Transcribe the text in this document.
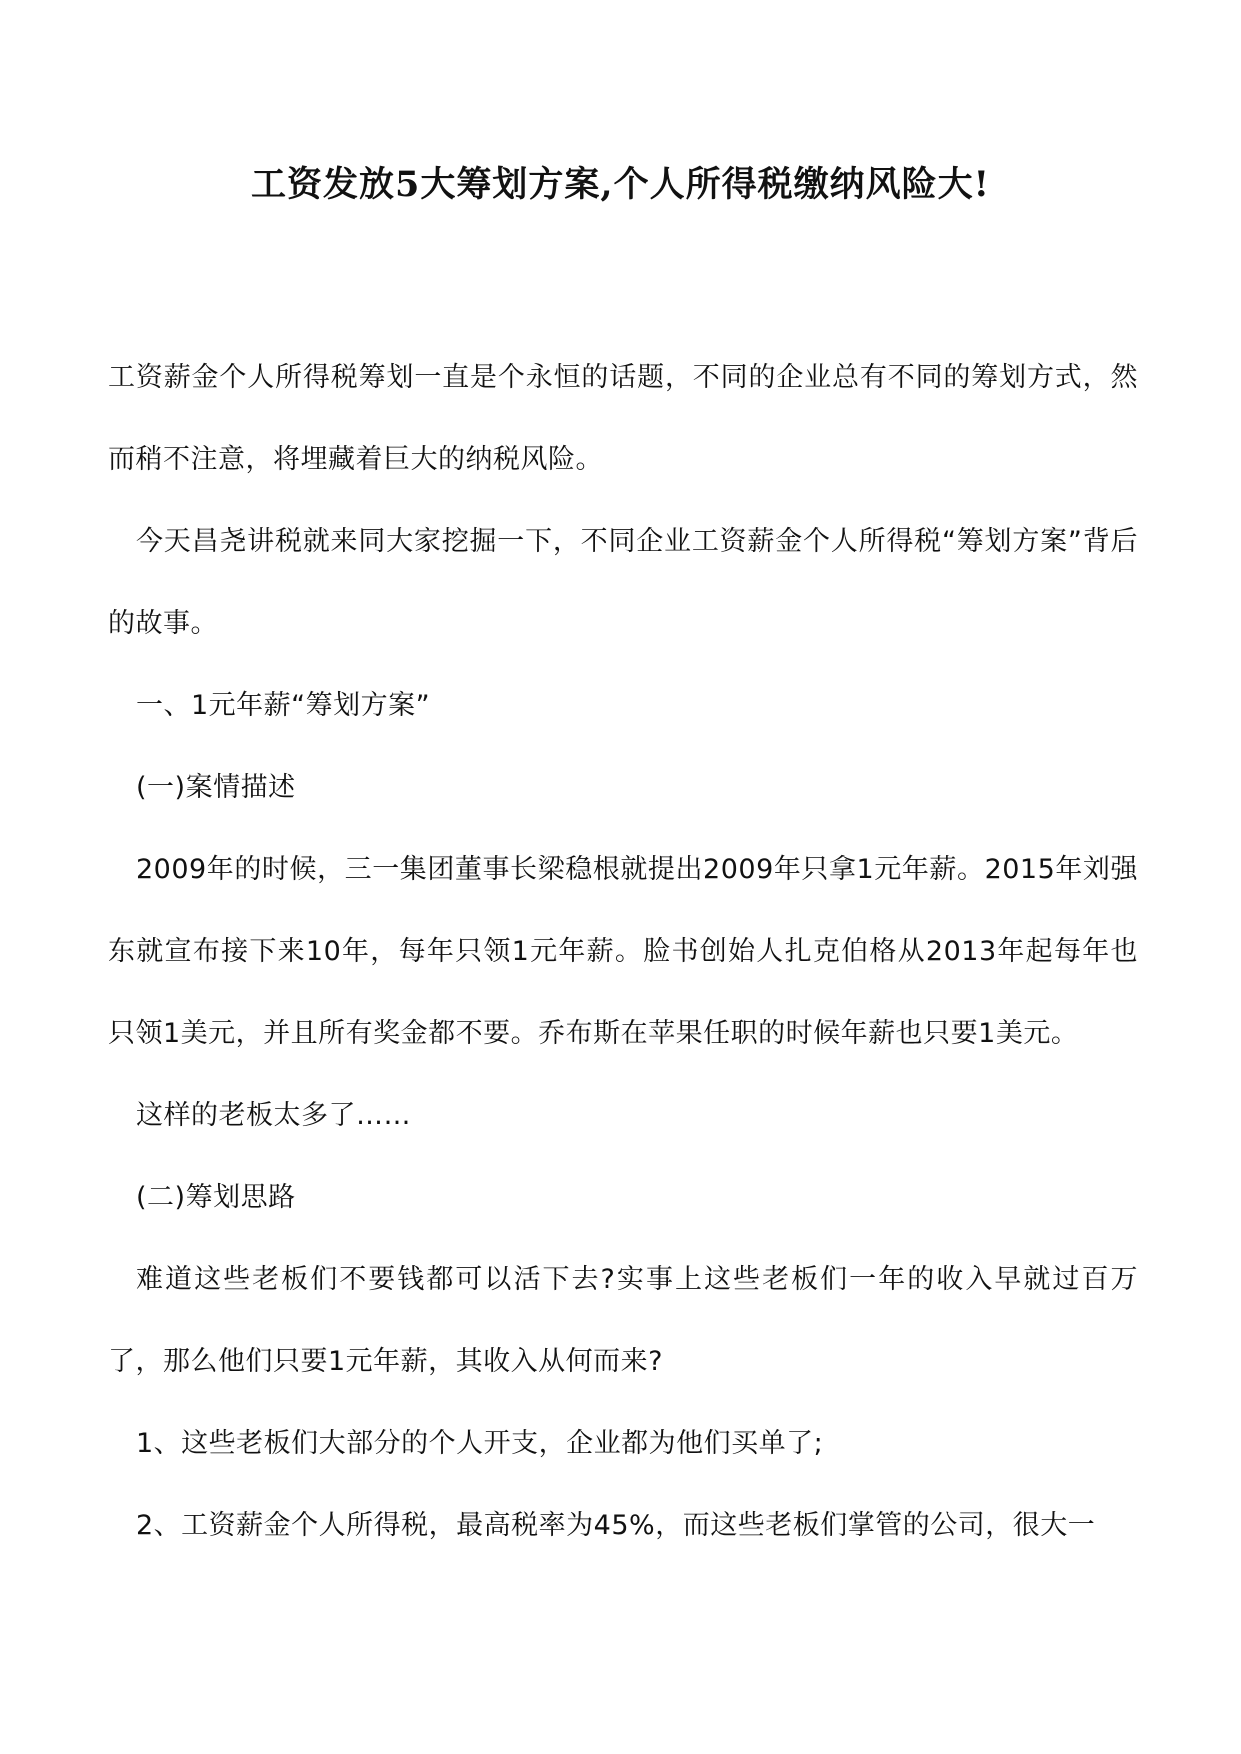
工资发放5大筹划方案,个人所得税缴纳风险大!

工资薪金个人所得税筹划一直是个永恒的话题，不同的企业总有不同的筹划方式，然而稍不注意，将埋藏着巨大的纳税风险。

今天昌尧讲税就来同大家挖掘一下，不同企业工资薪金个人所得税“筹划方案”背后的故事。

一、1元年薪“筹划方案”

(一)案情描述

2009年的时候，三一集团董事长梁稳根就提出2009年只拿1元年薪。2015年刘强东就宣布接下来10年，每年只领1元年薪。脸书创始人扎克伯格从2013年起每年也只领1美元，并且所有奖金都不要。乔布斯在苹果任职的时候年薪也只要1美元。

这样的老板太多了……

(二)筹划思路

难道这些老板们不要钱都可以活下去?实事上这些老板们一年的收入早就过百万了，那么他们只要1元年薪，其收入从何而来?

1、这些老板们大部分的个人开支，企业都为他们买单了;

2、工资薪金个人所得税，最高税率为45%，而这些老板们掌管的公司，很大一
